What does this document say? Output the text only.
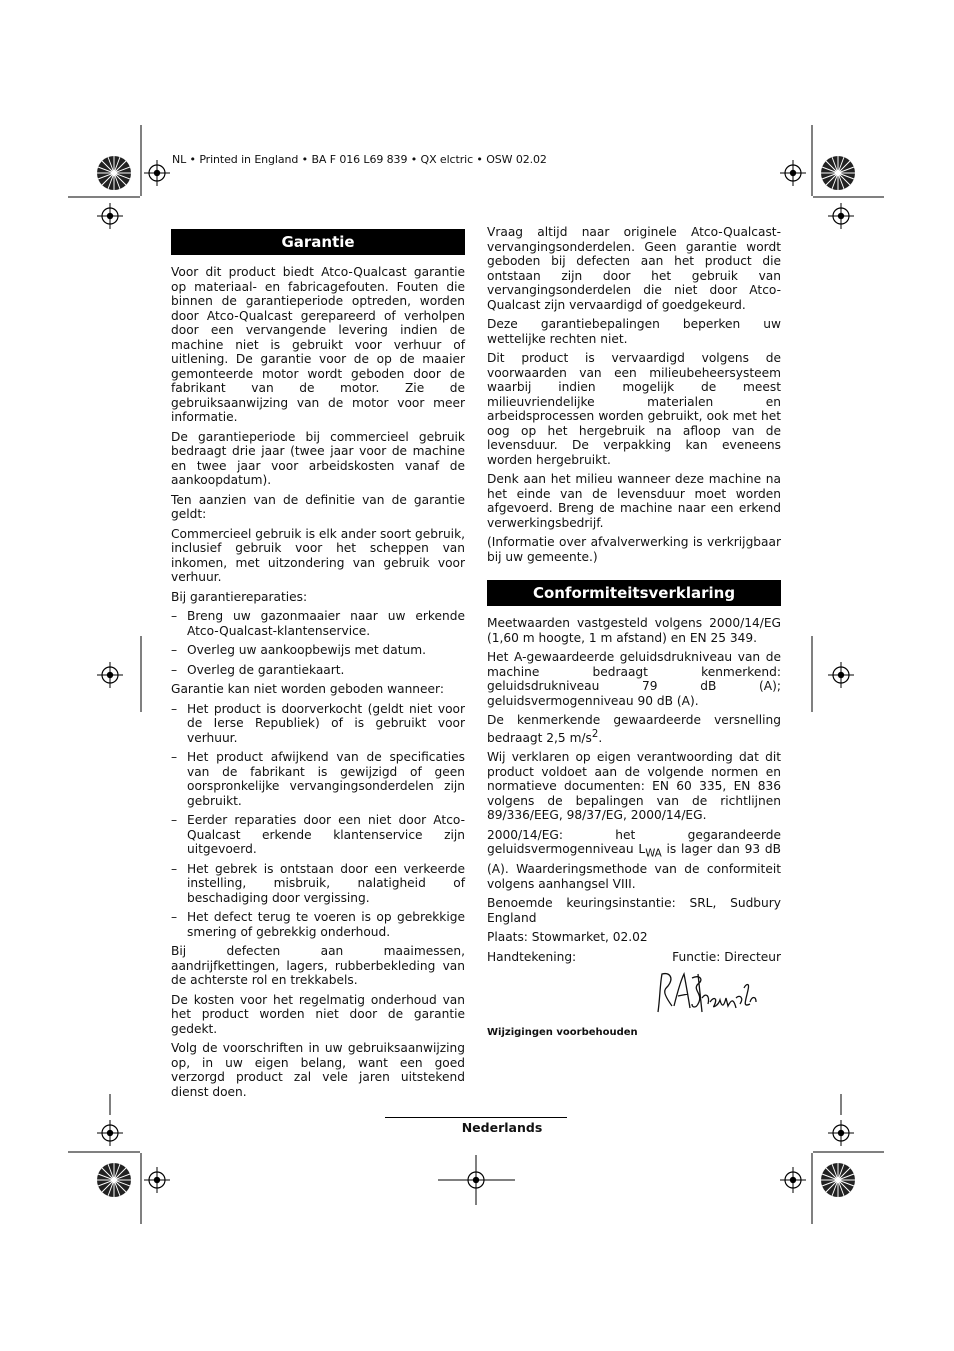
NL • Printed in England • BA F 016 L69 839 • QX elctric • OSW 02.02
Garantie

Voor dit product biedt Atco-Qualcast garantie op materiaal- en fabricagefouten. Fouten die binnen de garantieperiode optreden, worden door Atco-Qualcast gerepareerd of verholpen door een vervangende levering indien de machine niet is gebruikt voor verhuur of uitlening. De garantie voor de op de maaier gemonteerde motor wordt geboden door de fabrikant van de motor. Zie de gebruiksaanwijzing van de motor voor meer informatie.

De garantieperiode bij commercieel gebruik bedraagt drie jaar (twee jaar voor de machine en twee jaar voor arbeidskosten vanaf de aankoopdatum).

Ten aanzien van de definitie van de garantie geldt:

Commercieel gebruik is elk ander soort gebruik, inclusief gebruik voor het scheppen van inkomen, met uitzondering van gebruik voor verhuur.

Bij garantiereparaties:

– Breng uw gazonmaaier naar uw erkende Atco-Qualcast-klantenservice.
– Overleg uw aankoopbewijs met datum.
– Overleg de garantiekaart.

Garantie kan niet worden geboden wanneer:

– Het product is doorverkocht (geldt niet voor de Ierse Republiek) of is gebruikt voor verhuur.
– Het product afwijkend van de specificaties van de fabrikant is gewijzigd of geen oorspronkelijke vervangingsonderdelen zijn gebruikt.
– Eerder reparaties door een niet door Atco-Qualcast erkende klantenservice zijn uitgevoerd.
– Het gebrek is ontstaan door een verkeerde instelling, misbruik, nalatigheid of beschadiging door vergissing.
– Het defect terug te voeren is op gebrekkige smering of gebrekkig onderhoud.

Bij defecten aan maaimessen, aandrijfkettingen, lagers, rubberbekleding van de achterste rol en trekkabels.

De kosten voor het regelmatig onderhoud van het product worden niet door de garantie gedekt.

Volg de voorschriften in uw gebruiksaanwijzing op, in uw eigen belang, want een goed verzorgd product zal vele jaren uitstekend dienst doen.

Vraag altijd naar originele Atco-Qualcast-vervangingsonderdelen. Geen garantie wordt geboden bij defecten aan het product die ontstaan zijn door het gebruik van vervangingsonderdelen die niet door Atco-Qualcast zijn vervaardigd of goedgekeurd.

Deze garantiebepalingen beperken uw wettelijke rechten niet.

Dit product is vervaardigd volgens de voorwaarden van een milieubeheersysteem waarbij indien mogelijk de meest milieuvriendelijke materialen en arbeidsprocessen worden gebruikt, ook met het oog op het hergebruik na afloop van de levensduur. De verpakking kan eveneens worden hergebruikt.

Denk aan het milieu wanneer deze machine na het einde van de levensduur moet worden afgevoerd. Breng de machine naar een erkend verwerkingsbedrijf.

(Informatie over afvalverwerking is verkrijgbaar bij uw gemeente.)

Conformiteitsverklaring

Meetwaarden vastgesteld volgens 2000/14/EG (1,60 m hoogte, 1 m afstand) en EN 25 349.

Het A-gewaardeerde geluidsdrukniveau van de machine bedraagt kenmerkend: geluidsdrukniveau 79 dB (A); geluidsvermogenniveau 90 dB (A).

De kenmerkende gewaardeerde versnelling bedraagt 2,5 $m/s^2$.

Wij verklaren op eigen verantwoording dat dit product voldoet aan de volgende normen en normatieve documenten: EN 60 335, EN 836 volgens de bepalingen van de richtlijnen 89/336/EEG, 98/37/EG, 2000/14/EG.

2000/14/EG: het gegarandeerde geluidsvermogenniveau $L_{WA}$ is lager dan 93 dB (A). Waarderingsmethode van de conformiteit volgens aanhangsel VIII.

Benoemde keuringsinstantie: SRL, Sudbury England

Plaats: Stowmarket, 02.02

Handtekening:	Functie: Directeur
Wijzigingen voorbehouden
Nederlands
